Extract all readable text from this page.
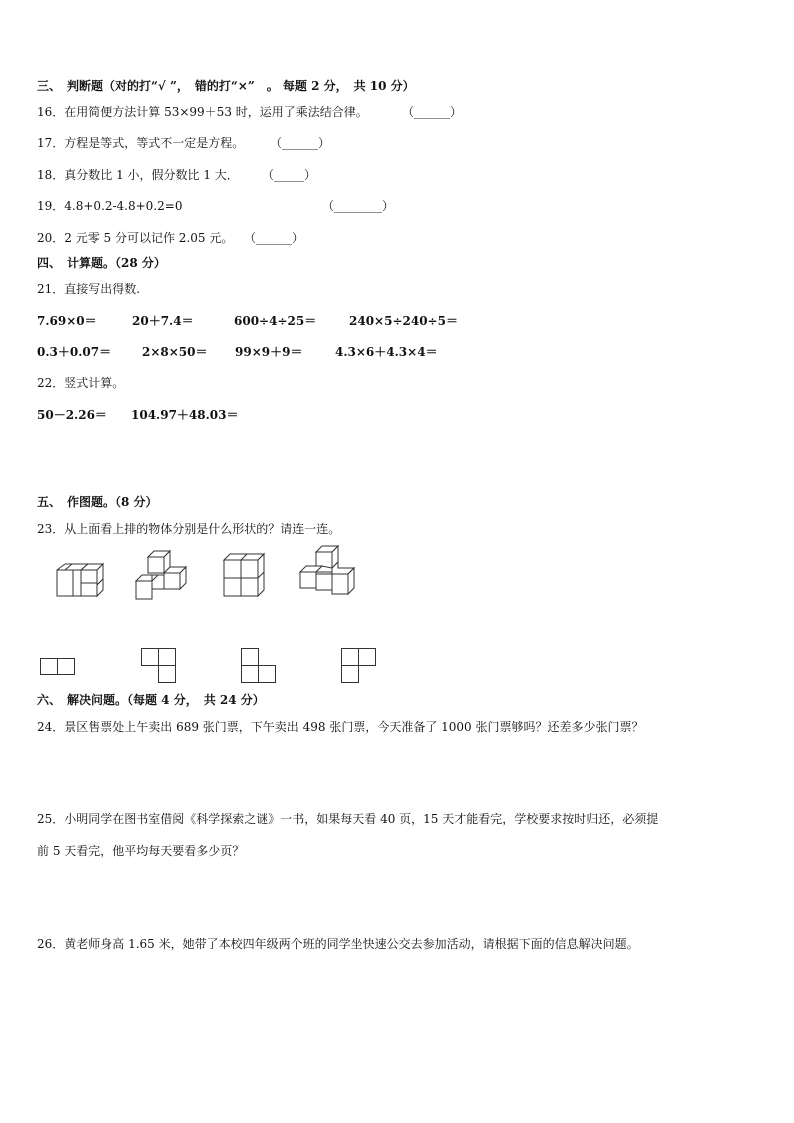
三、　判断题（对的打“√ ”，　错的打“×”　。 每题 2 分，　共 10 分）
16．在用简便方法计算 53×99＋53 时，运用了乘法结合律。	（______）
17．方程是等式，等式不一定是方程。 （______）
18．真分数比 1 小，假分数比 1 大． （_____）
19．4.8+0.2-4.8+0.2=0	（________）
20．2 元零 5 分可以记作 2.05 元。 （______）
四、　计算题。（28 分）
21．直接写出得数.
7.69×0＝	20＋7.4＝	600÷4÷25＝	240×5÷240÷5＝
0.3＋0.07＝	2×8×50＝ 99×9＋9＝	4.3×6＋4.3×4＝
22．竖式计算。
50－2.26＝ 104.97＋48.03＝
五、　作图题。（8 分）
23．从上面看上排的物体分别是什么形状的？请连一连。
六、　解决问题。（每题 4 分，　共 24 分）
24．景区售票处上午卖出 689 张门票，下午卖出 498 张门票，今天准备了 1000 张门票够吗？还差多少张门票？
25．小明同学在图书室借阅《科学探索之谜》一书，如果每天看 40 页，15 天才能看完，学校要求按时归还，必须提
前 5 天看完，他平均每天要看多少页？
26．黄老师身高 1.65 米，她带了本校四年级两个班的同学坐快速公交去参加活动，请根据下面的信息解决问题。
